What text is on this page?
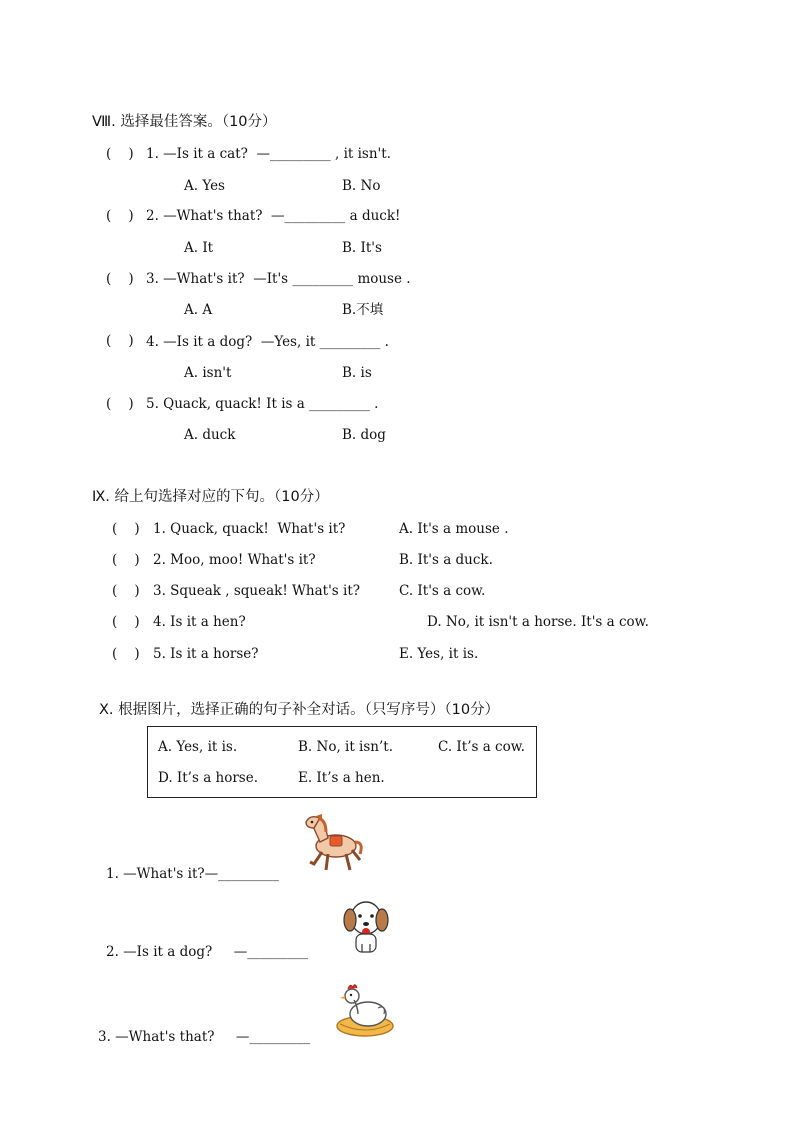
Ⅷ. 选择最佳答案。（10分）
(    ) 1. —Is it a cat?  —_________ , it isn't.
A. Yes	B. No
(    ) 2. —What's that?  —_________ a duck!
A. It	B. It's
(    ) 3. —What's it?  —It's _________ mouse .
A. A	B.不填
(    ) 4. —Is it a dog?  —Yes, it _________ .
A. isn't	B. is
(    ) 5. Quack, quack! It is a _________ .
A. duck	B. dog
Ⅸ. 给上句选择对应的下句。（10分）
(    ) 1. Quack, quack!  What's it?	A. It's a mouse .
(    ) 2. Moo, moo! What's it?	B. It's a duck.
(    ) 3. Squeak , squeak! What's it?	C. It's a cow.
(    ) 4. Is it a hen?	D. No, it isn't a horse. It's a cow.
(    ) 5. Is it a horse?	E. Yes, it is.
X. 根据图片，选择正确的句子补全对话。（只写序号）（10分）
A. Yes, it is.	B. No, it isn’t.	C. It’s a cow.
D. It’s a horse.	E. It’s a hen.
1. —What's it?—_________
2. —Is it a dog?     —_________
3. —What's that?     —_________
